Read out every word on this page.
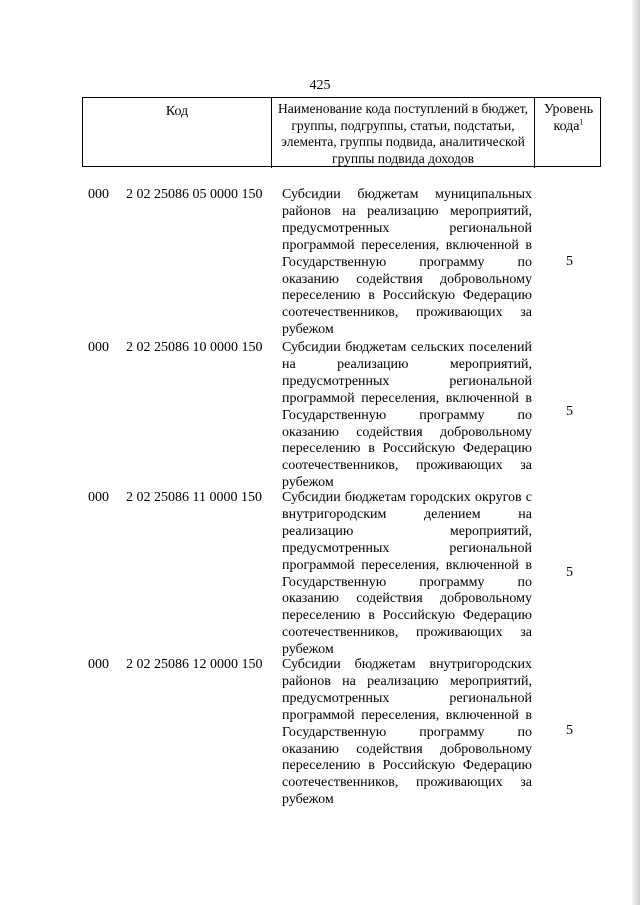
425
Код	Наименование кода поступлений в бюджет, группы, подгруппы, статьи, подстатьи, элемента, группы подвида, аналитической группы подвида доходов
Уровень кода$^1$
000 2 02 25086 05 0000 150 Субсидии бюджетам муниципальных районов на реализацию мероприятий, предусмотренных региональной программой переселения, включенной в Государственную программу по оказанию содействия добровольному переселению в Российскую Федерацию соотечественников, проживающих за рубежом
5
000 2 02 25086 10 0000 150 Субсидии бюджетам сельских поселений на реализацию мероприятий, предусмотренных региональной программой переселения, включенной в Государственную программу по оказанию содействия добровольному переселению в Российскую Федерацию соотечественников, проживающих за рубежом
5
000 2 02 25086 11 0000 150 Субсидии бюджетам городских округов с внутригородским делением на реализацию мероприятий, предусмотренных региональной программой переселения, включенной в Государственную программу по оказанию содействия добровольному переселению в Российскую Федерацию соотечественников, проживающих за рубежом
5
000 2 02 25086 12 0000 150 Субсидии бюджетам внутригородских районов на реализацию мероприятий, предусмотренных региональной программой переселения, включенной в Государственную программу по оказанию содействия добровольному переселению в Российскую Федерацию соотечественников, проживающих за рубежом
5
